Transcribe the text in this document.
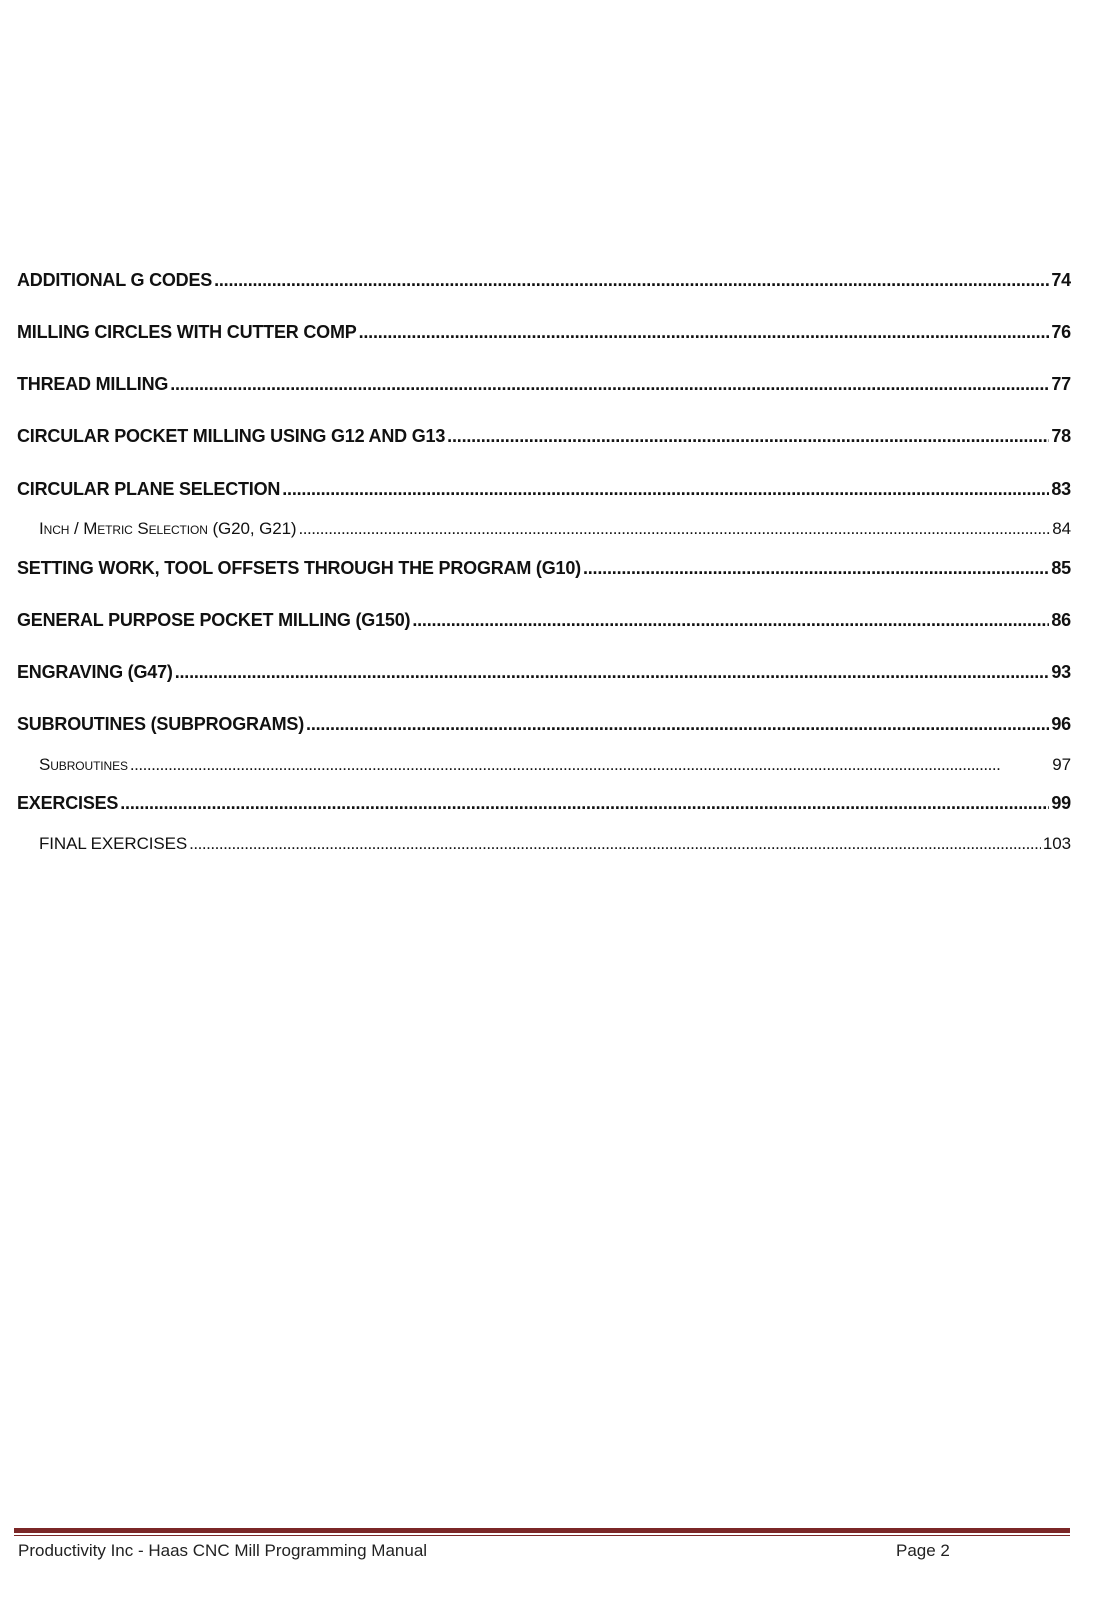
ADDITIONAL G CODES . . .	74
MILLING CIRCLES WITH CUTTER COMP . . .	76
THREAD MILLING . . .	77
CIRCULAR POCKET MILLING USING G12 AND G13 . . .	78
CIRCULAR PLANE SELECTION . . .	83
Inch / Metric Selection (G20, G21) . . .	84
SETTING WORK, TOOL OFFSETS THROUGH THE PROGRAM (G10) . . .	85
GENERAL PURPOSE POCKET MILLING (G150) . . .	86
ENGRAVING (G47) . . .	93
SUBROUTINES (SUBPROGRAMS) . . .	96
Subroutines . . .	97
EXERCISES . . .	99
FINAL EXERCISES . . .	103
Productivity Inc - Haas CNC Mill Programming Manual	Page 2
